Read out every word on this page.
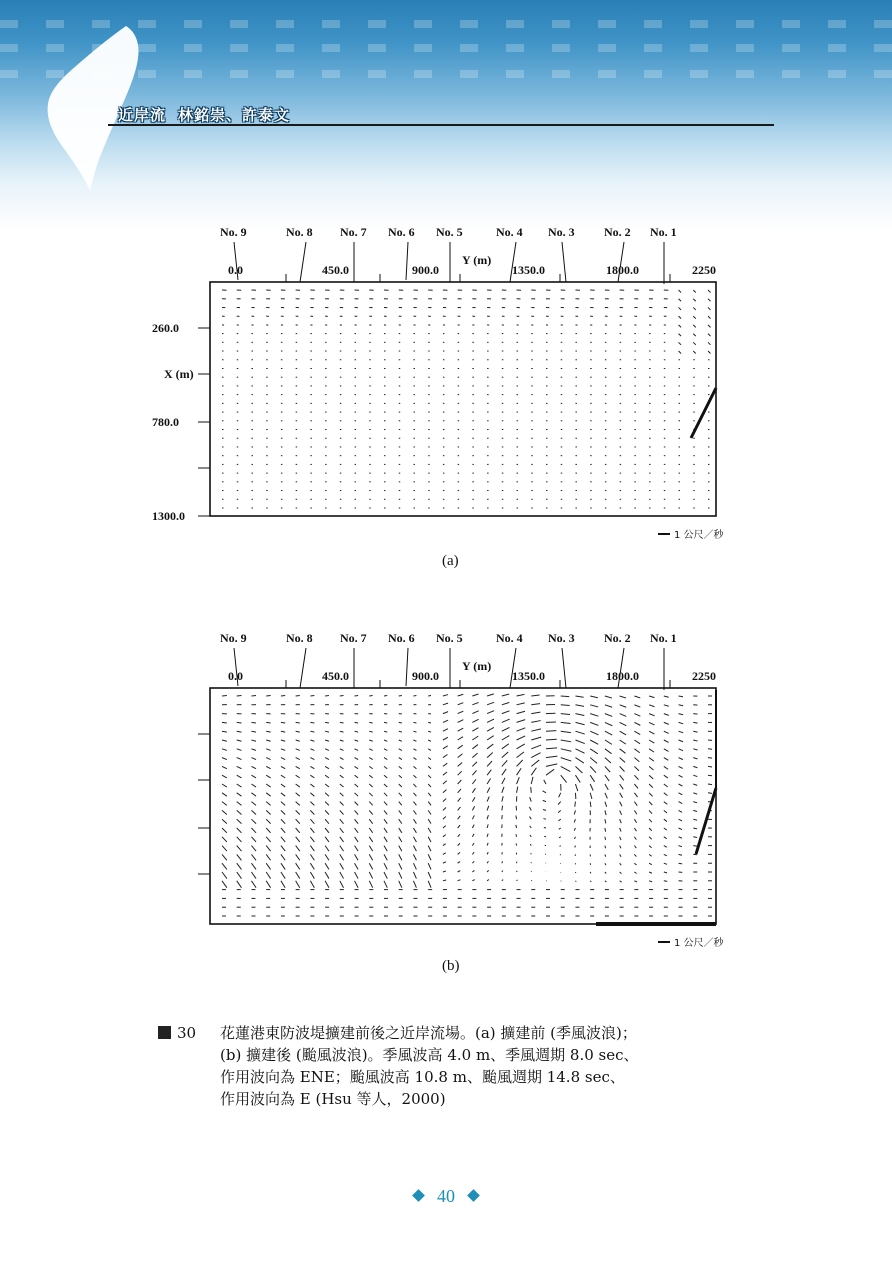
近岸流 林銘崇、許泰文
No. 9	No. 8 No. 7 No. 6 No. 5	No. 4 No. 3 No. 2 No. 1
0.0	450.0	900.0	1350.0	1800.0	2250
Y (m)
260.0
780.0
1300.0
X (m)
1 公尺／秒
(a)
No. 9	No. 8 No. 7 No. 6 No. 5	No. 4 No. 3 No. 2 No. 1
0.0	450.0	900.0	1350.0	1800.0	2250
Y (m)
1 公尺／秒
(b)
30 花蓮港東防波堤擴建前後之近岸流場。(a) 擴建前 (季風波浪)；
(b) 擴建後 (颱風波浪)。季風波高 4.0 m、季風週期 8.0 sec、
作用波向為 ENE；颱風波高 10.8 m、颱風週期 14.8 sec、
作用波向為 E (Hsu 等人，2000)
40
